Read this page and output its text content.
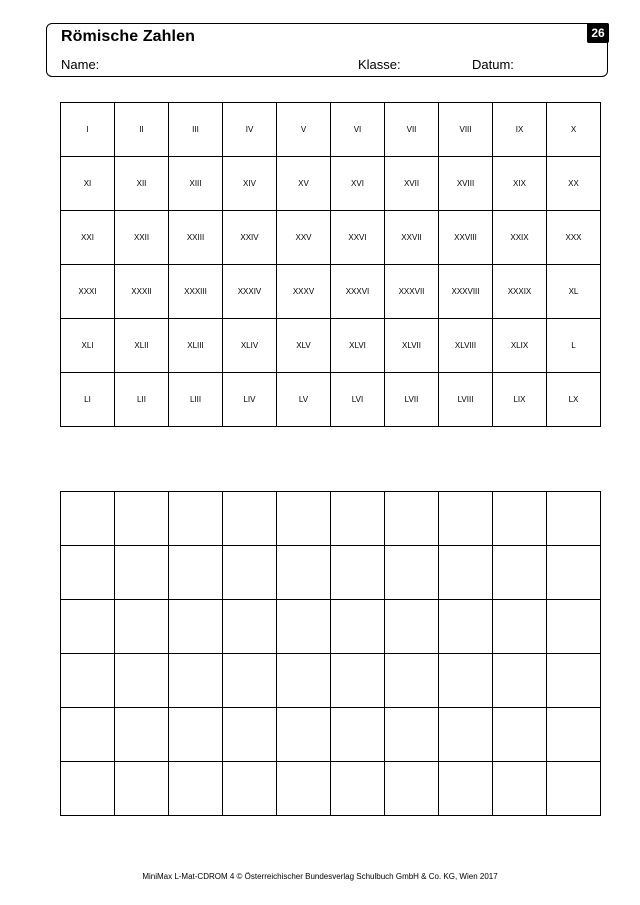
Römische Zahlen
Name:	Klasse:	Datum:
26
I	II	III	IV	V	VI	VII	VIII	IX	X
XI	XII	XIII	XIV	XV	XVI	XVII	XVIII	XIX	XX
XXI	XXII	XXIII	XXIV	XXV	XXVI	XXVII	XXVIII	XXIX	XXX
XXXI	XXXII	XXXIII	XXXIV	XXXV	XXXVI	XXXVII	XXXVIII	XXXIX	XL
XLI	XLII	XLIII	XLIV	XLV	XLVI	XLVII	XLVIII	XLIX	L
LI	LII	LIII	LIV	LV	LVI	LVII	LVIII	LIX	LX

MiniMax L-Mat-CDROM 4 © Österreichischer Bundesverlag Schulbuch GmbH & Co. KG, Wien 2017
